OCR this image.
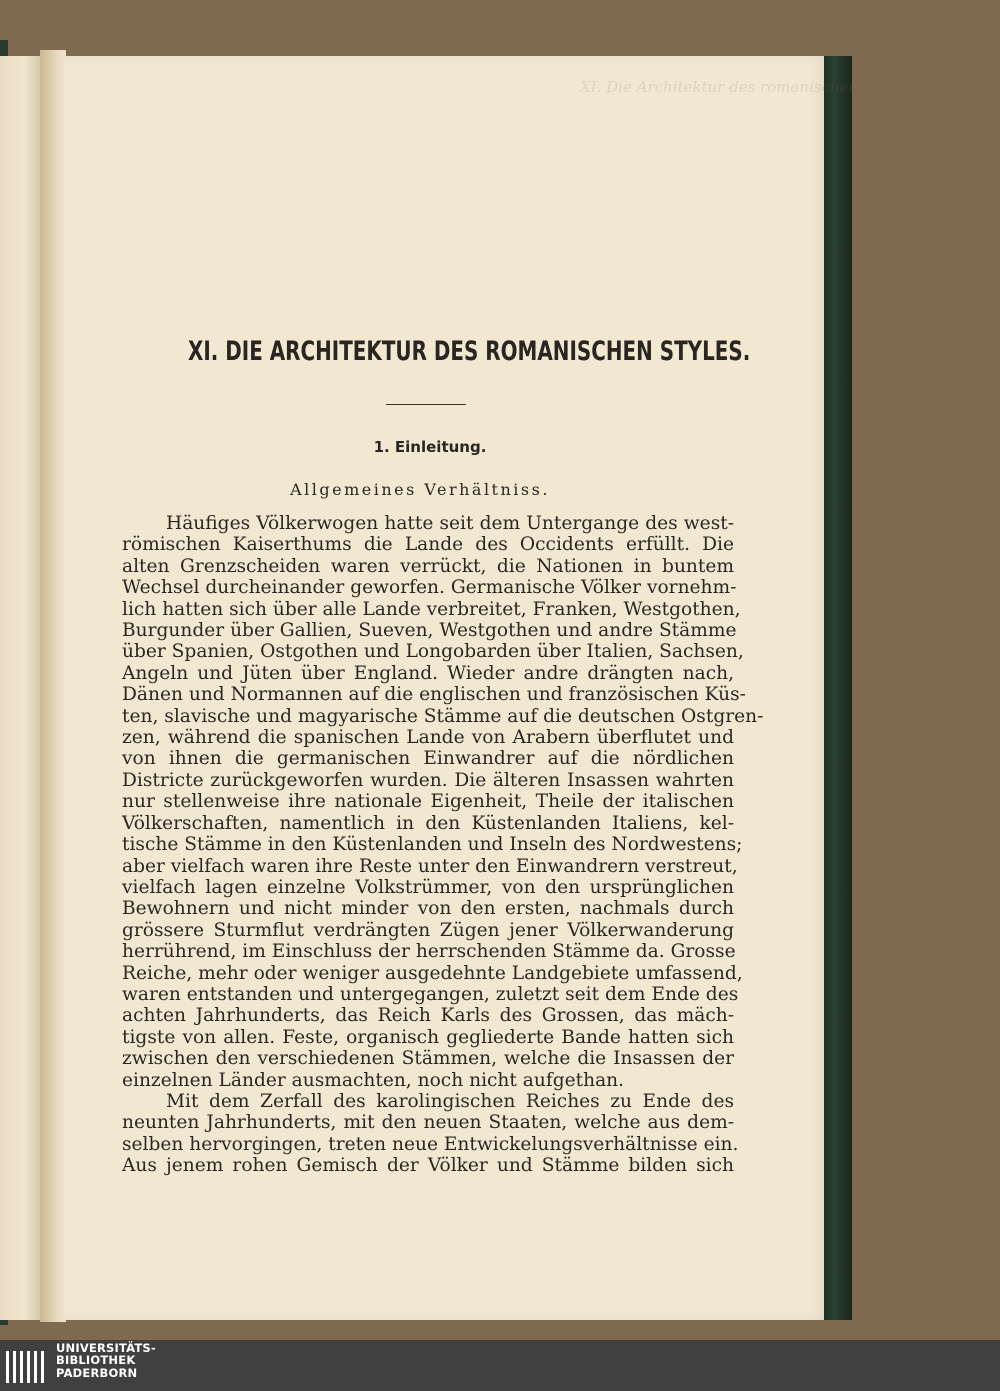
XI. Die Architektur des romanischen Styles.
XI. DIE ARCHITEKTUR DES ROMANISCHEN STYLES.
1. Einleitung.
Allgemeines Verhältniss.
Häufiges Völkerwogen hatte seit dem Untergange des west-
römischen Kaiserthums die Lande des Occidents erfüllt. Die
alten Grenzscheiden waren verrückt, die Nationen in buntem
Wechsel durcheinander geworfen. Germanische Völker vornehm-
lich hatten sich über alle Lande verbreitet, Franken, Westgothen,
Burgunder über Gallien, Sueven, Westgothen und andre Stämme
über Spanien, Ostgothen und Longobarden über Italien, Sachsen,
Angeln und Jüten über England. Wieder andre drängten nach,
Dänen und Normannen auf die englischen und französischen Küs-
ten, slavische und magyarische Stämme auf die deutschen Ostgren-
zen, während die spanischen Lande von Arabern überflutet und
von ihnen die germanischen Einwandrer auf die nördlichen
Districte zurückgeworfen wurden. Die älteren Insassen wahrten
nur stellenweise ihre nationale Eigenheit, Theile der italischen
Völkerschaften, namentlich in den Küstenlanden Italiens, kel-
tische Stämme in den Küstenlanden und Inseln des Nordwestens;
aber vielfach waren ihre Reste unter den Einwandrern verstreut,
vielfach lagen einzelne Volkstrümmer, von den ursprünglichen
Bewohnern und nicht minder von den ersten, nachmals durch
grössere Sturmflut verdrängten Zügen jener Völkerwanderung
herrührend, im Einschluss der herrschenden Stämme da. Grosse
Reiche, mehr oder weniger ausgedehnte Landgebiete umfassend,
waren entstanden und untergegangen, zuletzt seit dem Ende des
achten Jahrhunderts, das Reich Karls des Grossen, das mäch-
tigste von allen. Feste, organisch gegliederte Bande hatten sich
zwischen den verschiedenen Stämmen, welche die Insassen der
einzelnen Länder ausmachten, noch nicht aufgethan.
Mit dem Zerfall des karolingischen Reiches zu Ende des
neunten Jahrhunderts, mit den neuen Staaten, welche aus dem-
selben hervorgingen, treten neue Entwickelungsverhältnisse ein.
Aus jenem rohen Gemisch der Völker und Stämme bilden sich
UNIVERSITÄTS-
BIBLIOTHEK
PADERBORN
